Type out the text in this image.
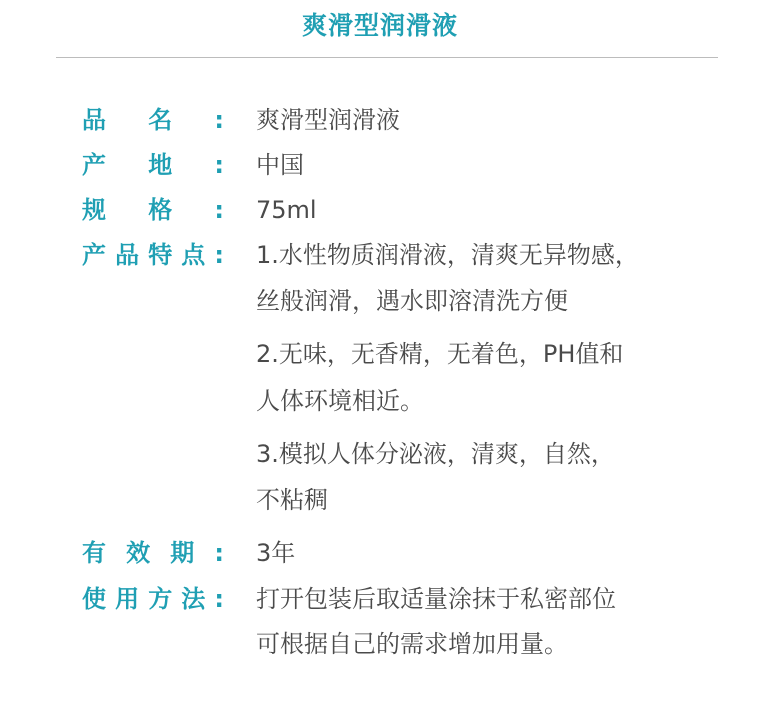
爽滑型润滑液
品 名 : 爽滑型润滑液
产 地 : 中国
规 格 : 75ml
产 品 特 点 : 1.水性物质润滑液，清爽无异物感，
丝般润滑，遇水即溶清洗方便
2.无味，无香精，无着色，PH值和
人体环境相近。
3.模拟人体分泌液，清爽，自然，
不粘稠
有 效 期 : 3年
使 用 方 法 : 打开包装后取适量涂抹于私密部位
可根据自己的需求增加用量。
